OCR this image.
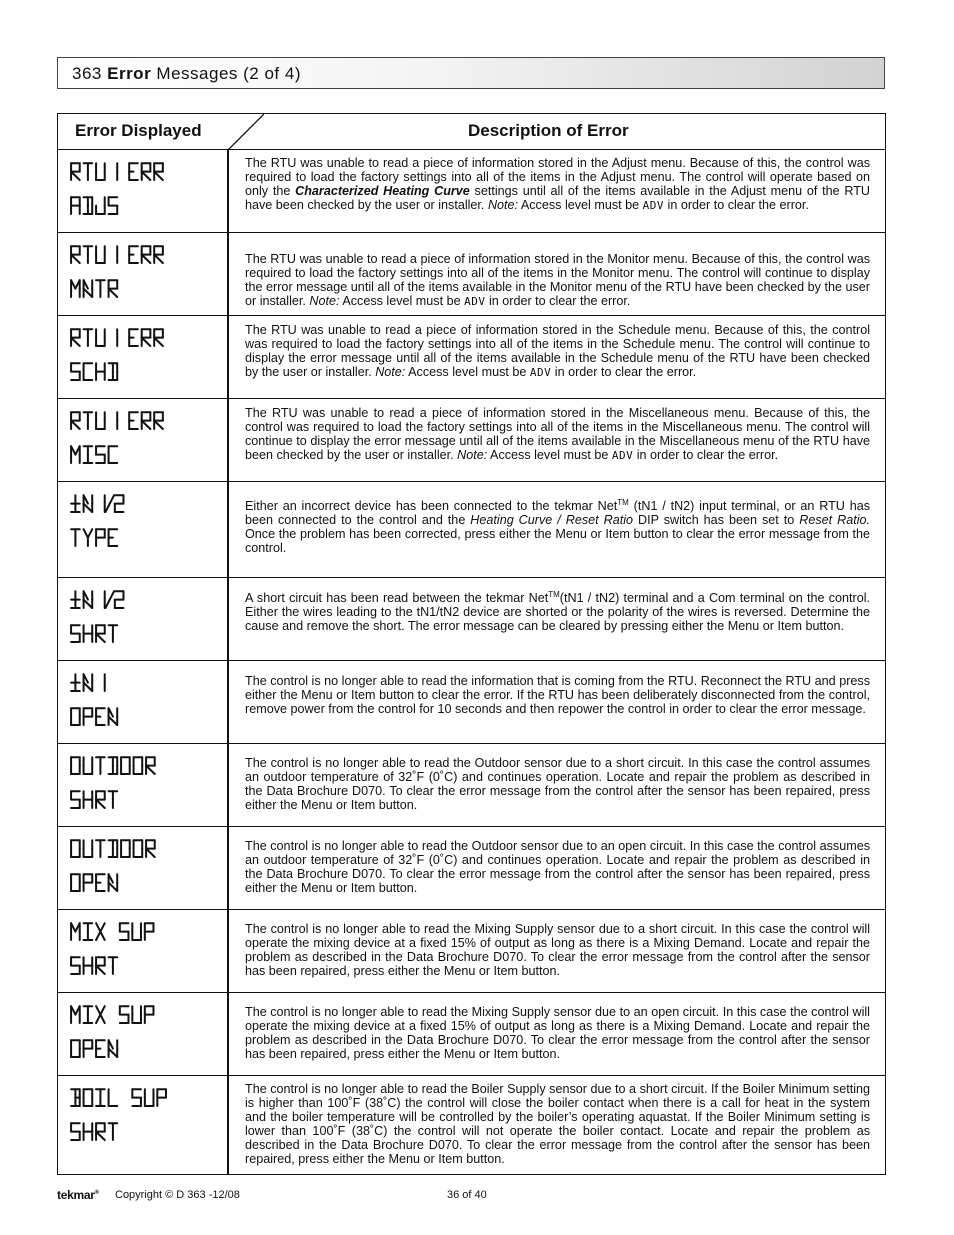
363 Error Messages (2 of 4)
Error Displayed	Description of Error
The RTU was unable to read a piece of information stored in the Adjust menu. Because of this, the control was required to load the factory settings into all of the items in the Adjust menu. The control will operate based on only the Characterized Heating Curve settings until all of the items available in the Adjust menu of the RTU have been checked by the user or installer. Note: Access level must be ADV in order to clear the error.
The RTU was unable to read a piece of information stored in the Monitor menu. Because of this, the control was required to load the factory settings into all of the items in the Monitor menu. The control will continue to display the error message until all of the items available in the Monitor menu of the RTU have been checked by the user or installer. Note: Access level must be ADV in order to clear the error.
The RTU was unable to read a piece of information stored in the Schedule menu. Because of this, the control was required to load the factory settings into all of the items in the Schedule menu. The control will continue to display the error message until all of the items available in the Schedule menu of the RTU have been checked by the user or installer. Note: Access level must be ADV in order to clear the error.
The RTU was unable to read a piece of information stored in the Miscellaneous menu. Because of this, the control was required to load the factory settings into all of the items in the Miscellaneous menu. The control will continue to display the error message until all of the items available in the Miscellaneous menu of the RTU have been checked by the user or installer. Note: Access level must be ADV in order to clear the error.
Either an incorrect device has been connected to the tekmar Net™ (tN1 / tN2) input terminal, or an RTU has been connected to the control and the Heating Curve / Reset Ratio DIP switch has been set to Reset Ratio. Once the problem has been corrected, press either the Menu or Item button to clear the error message from the control.
A short circuit has been read between the tekmar Net™(tN1 / tN2) terminal and a Com terminal on the control. Either the wires leading to the tN1/tN2 device are shorted or the polarity of the wires is reversed. Determine the cause and remove the short. The error message can be cleared by pressing either the Menu or Item button.
The control is no longer able to read the information that is coming from the RTU. Reconnect the RTU and press either the Menu or Item button to clear the error. If the RTU has been deliberately disconnected from the control, remove power from the control for 10 seconds and then repower the control in order to clear the error message.
The control is no longer able to read the Outdoor sensor due to a short circuit. In this case the control assumes an outdoor temperature of 32˚F (0˚C) and continues operation. Locate and repair the problem as described in the Data Brochure D070. To clear the error message from the control after the sensor has been repaired, press either the Menu or Item button.
The control is no longer able to read the Outdoor sensor due to an open circuit. In this case the control assumes an outdoor temperature of 32˚F (0˚C) and continues operation. Locate and repair the problem as described in the Data Brochure D070. To clear the error message from the control after the sensor has been repaired, press either the Menu or Item button.
The control is no longer able to read the Mixing Supply sensor due to a short circuit. In this case the control will operate the mixing device at a fixed 15% of output as long as there is a Mixing Demand. Locate and repair the problem as described in the Data Brochure D070. To clear the error message from the control after the sensor has been repaired, press either the Menu or Item button.
The control is no longer able to read the Mixing Supply sensor due to an open circuit. In this case the control will operate the mixing device at a fixed 15% of output as long as there is a Mixing Demand. Locate and repair the problem as described in the Data Brochure D070. To clear the error message from the control after the sensor has been repaired, press either the Menu or Item button.
The control is no longer able to read the Boiler Supply sensor due to a short circuit. If the Boiler Minimum setting is higher than 100˚F (38˚C) the control will close the boiler contact when there is a call for heat in the system and the boiler temperature will be controlled by the boiler’s operating aquastat. If the Boiler Minimum setting is lower than 100˚F (38˚C) the control will not operate the boiler contact. Locate and repair the problem as described in the Data Brochure D070. To clear the error message from the control after the sensor has been repaired, press either the Menu or Item button.
tekmar® Copyright © D 363 -12/08	36 of 40
